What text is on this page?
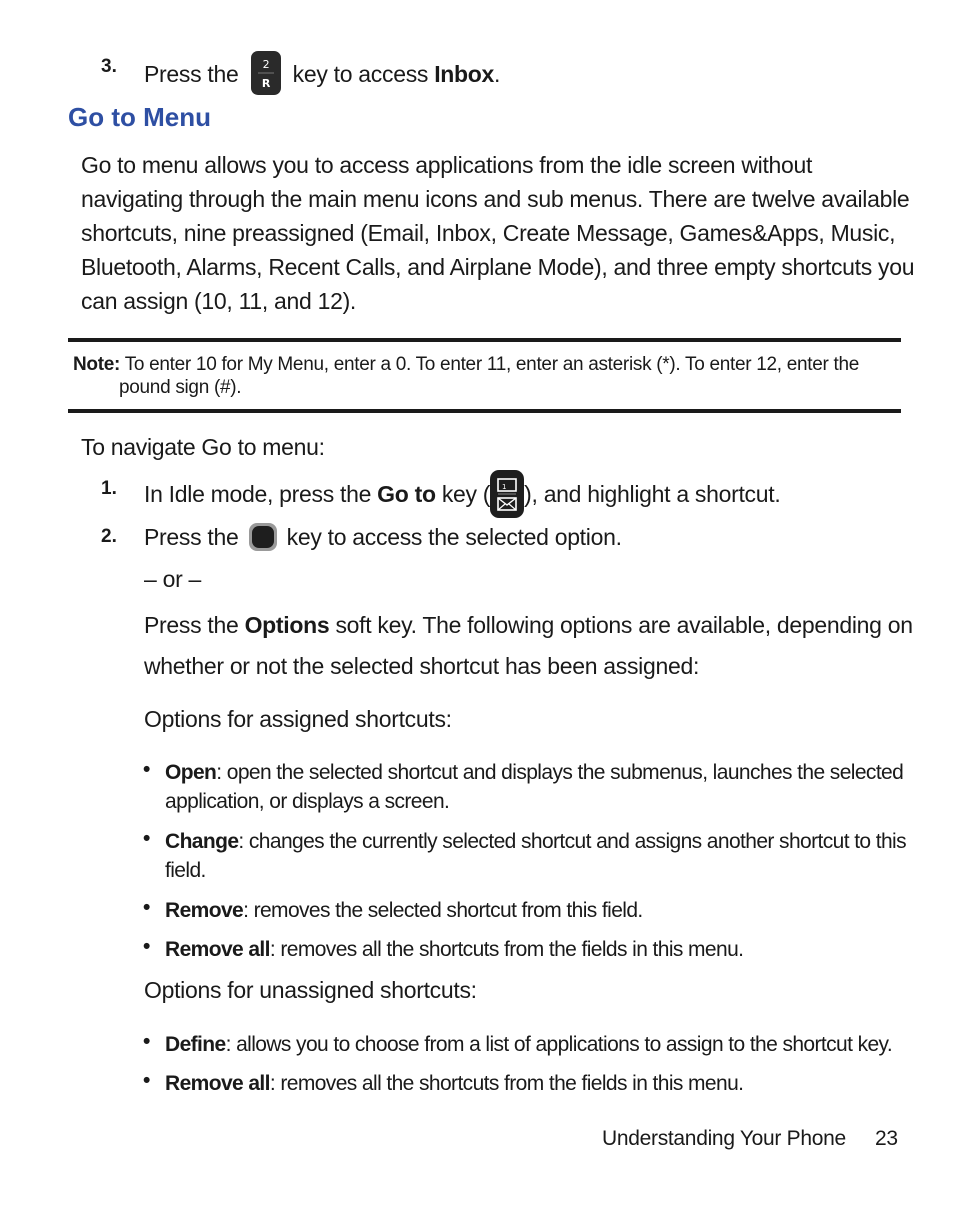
3. Press the 2
R key to access Inbox.
Go to Menu
Go to menu allows you to access applications from the idle screen without
navigating through the main menu icons and sub menus. There are twelve available
shortcuts, nine preassigned (Email, Inbox, Create Message, Games&Apps, Music,
Bluetooth, Alarms, Recent Calls, and Airplane Mode), and three empty shortcuts you
can assign (10, 11, and 12).
Note: To enter 10 for My Menu, enter a 0. To enter 11, enter an asterisk (*). To enter 12, enter the
pound sign (#).
To navigate Go to menu:
1. In Idle mode, press the Go to key ( 1 ), and highlight a shortcut.
2. Press the key to access the selected option.
– or –
Press the Options soft key. The following options are available, depending on
whether or not the selected shortcut has been assigned:
Options for assigned shortcuts:
• Open: open the selected shortcut and displays the submenus, launches the selected
application, or displays a screen.
• Change: changes the currently selected shortcut and assigns another shortcut to this
field.
• Remove: removes the selected shortcut from this field.
• Remove all: removes all the shortcuts from the fields in this menu.
Options for unassigned shortcuts:
• Define: allows you to choose from a list of applications to assign to the shortcut key.
• Remove all: removes all the shortcuts from the fields in this menu.
Understanding Your Phone 23
